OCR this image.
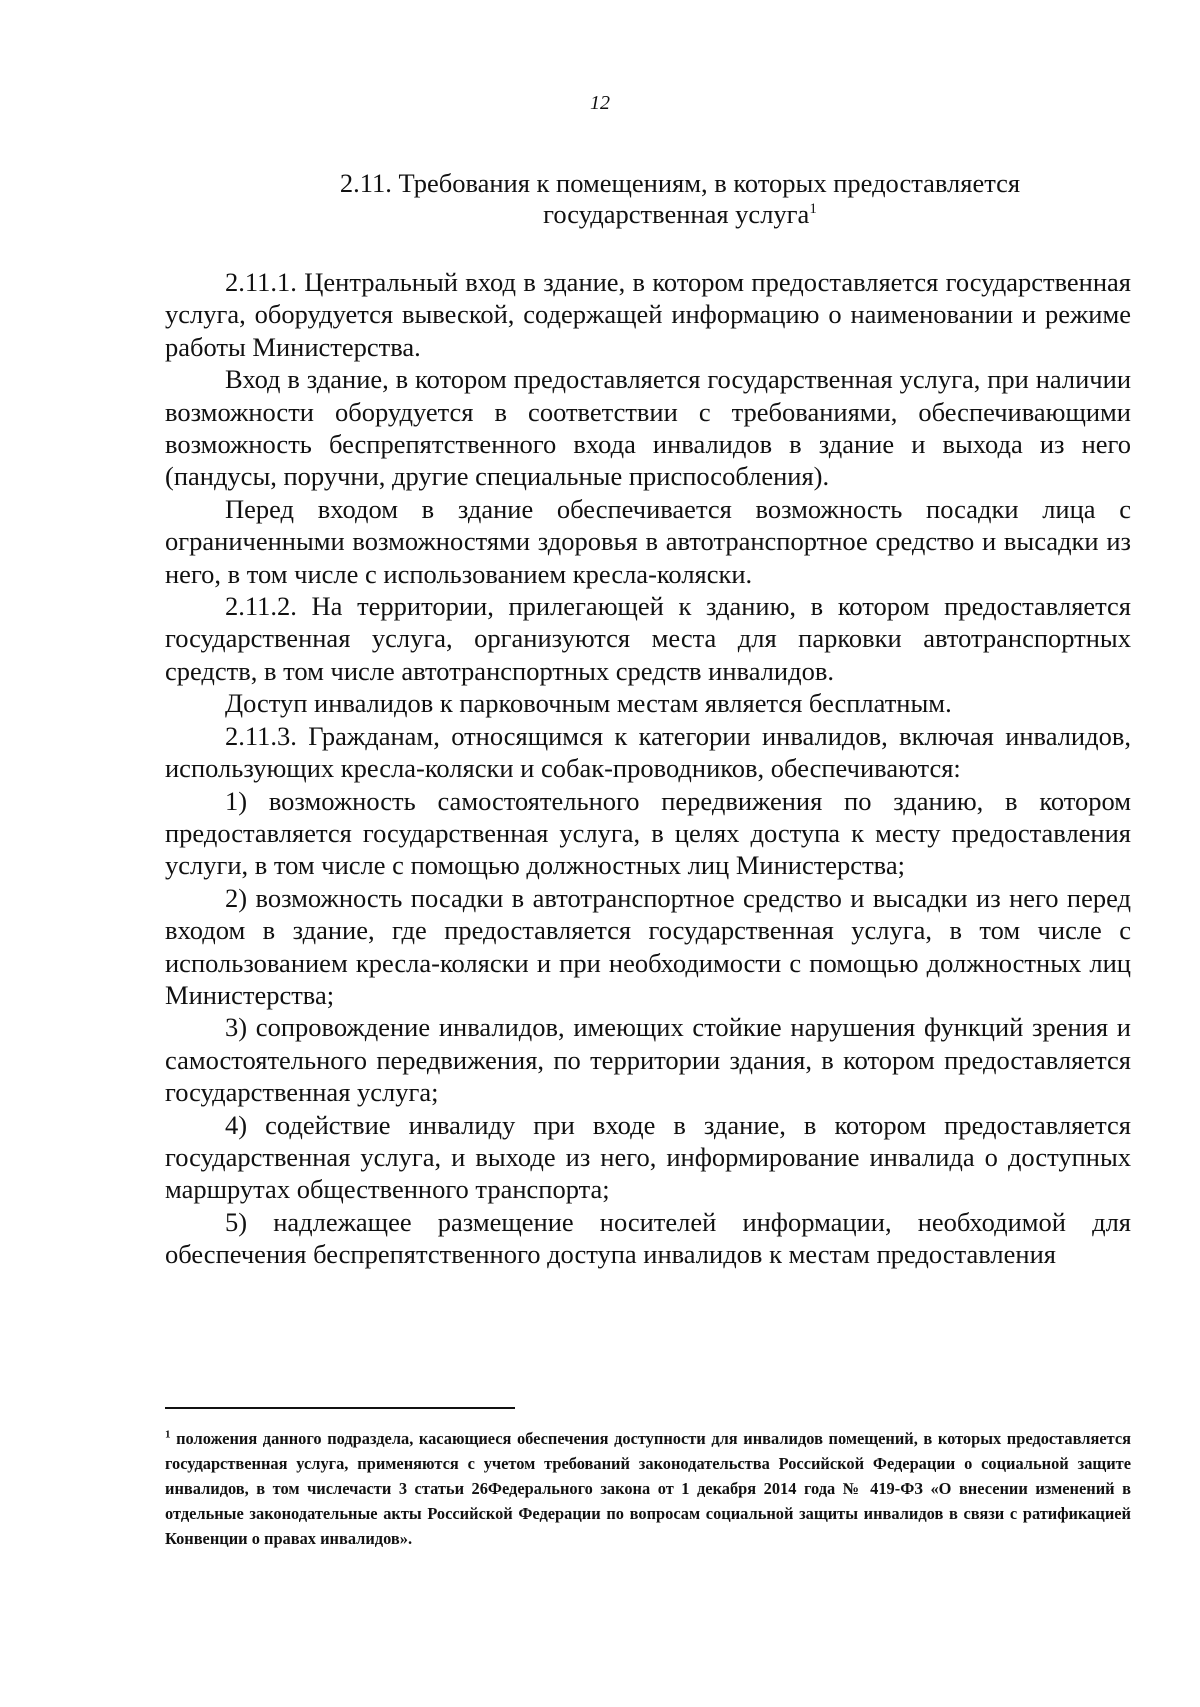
12
2.11. Требования к помещениям, в которых предоставляется государственная услуга$^1$

2.11.1. Центральный вход в здание, в котором предоставляется государственная услуга, оборудуется вывеской, содержащей информацию о наименовании и режиме работы Министерства.

Вход в здание, в котором предоставляется государственная услуга, при наличии возможности оборудуется в соответствии с требованиями, обеспечивающими возможность беспрепятственного входа инвалидов в здание и выхода из него (пандусы, поручни, другие специальные приспособления).

Перед входом в здание обеспечивается возможность посадки лица с ограниченными возможностями здоровья в автотранспортное средство и высадки из него, в том числе с использованием кресла-коляски.

2.11.2. На территории, прилегающей к зданию, в котором предоставляется государственная услуга, организуются места для парковки автотранспортных средств, в том числе автотранспортных средств инвалидов.

Доступ инвалидов к парковочным местам является бесплатным.

2.11.3. Гражданам, относящимся к категории инвалидов, включая инвалидов, использующих кресла-коляски и собак-проводников, обеспечиваются:

1) возможность самостоятельного передвижения по зданию, в котором предоставляется государственная услуга, в целях доступа к месту предоставления услуги, в том числе с помощью должностных лиц Министерства;

2) возможность посадки в автотранспортное средство и высадки из него перед входом в здание, где предоставляется государственная услуга, в том числе с использованием кресла-коляски и при необходимости с помощью должностных лиц Министерства;

3) сопровождение инвалидов, имеющих стойкие нарушения функций зрения и самостоятельного передвижения, по территории здания, в котором предоставляется государственная услуга;

4) содействие инвалиду при входе в здание, в котором предоставляется государственная услуга, и выходе из него, информирование инвалида о доступных маршрутах общественного транспорта;

5) надлежащее размещение носителей информации, необходимой для обеспечения беспрепятственного доступа инвалидов к местам предоставления

$^1$ положения данного подраздела, касающиеся обеспечения доступности для инвалидов помещений, в которых предоставляется государственная услуга, применяются с учетом требований законодательства Российской Федерации о социальной защите инвалидов, в том числечасти 3 статьи 26Федерального закона от 1 декабря 2014 года № 419-ФЗ «О внесении изменений в отдельные законодательные акты Российской Федерации по вопросам социальной защиты инвалидов в связи с ратификацией Конвенции о правах инвалидов».
